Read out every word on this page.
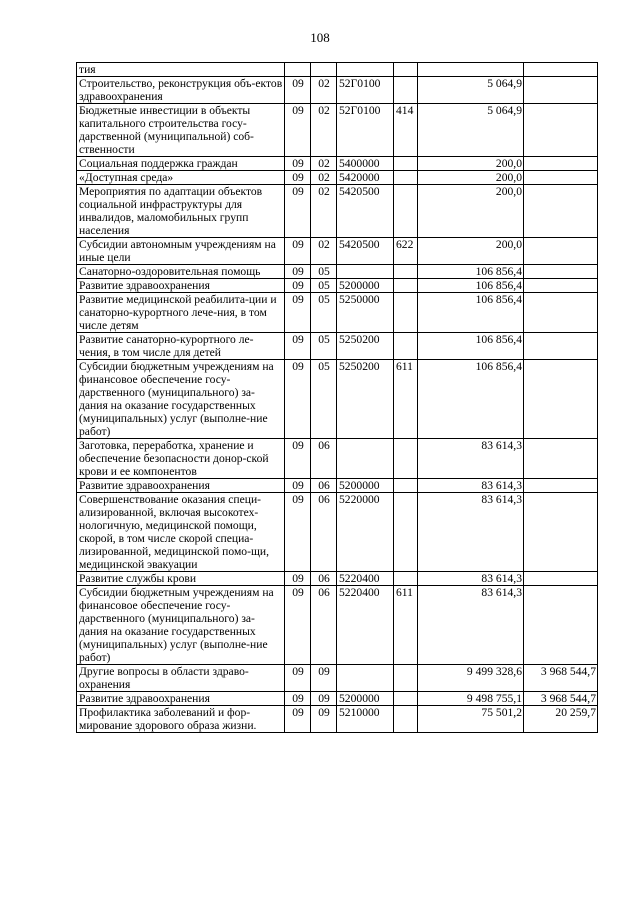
108
тия						
Строительство, реконструкция объ-ектов здравоохранения	09	02	52Г0100		5 064,9	
Бюджетные инвестиции в объекты капитального строительства госу-дарственной (муниципальной) соб-ственности	09	02	52Г0100	414	5 064,9	
Социальная поддержка граждан	09	02	5400000		200,0	
«Доступная среда»	09	02	5420000		200,0	
Мероприятия по адаптации объектов социальной инфраструктуры для инвалидов, маломобильных групп населения	09	02	5420500		200,0	
Субсидии автономным учреждениям на иные цели	09	02	5420500	622	200,0	
Санаторно-оздоровительная помощь	09	05			106 856,4	
Развитие здравоохранения	09	05	5200000		106 856,4	
Развитие медицинской реабилита-ции и санаторно-курортного лече-ния, в том числе детям	09	05	5250000		106 856,4	
Развитие санаторно-курортного ле-чения, в том числе для детей	09	05	5250200		106 856,4	
Субсидии бюджетным учреждениям на финансовое обеспечение госу-дарственного (муниципального) за-дания на оказание государственных (муниципальных) услуг (выполне-ние работ)	09	05	5250200	611	106 856,4	
Заготовка, переработка, хранение и обеспечение безопасности донор-ской крови и ее компонентов	09	06			83 614,3	
Развитие здравоохранения	09	06	5200000		83 614,3	
Совершенствование оказания специ-ализированной, включая высокотех-нологичную, медицинской помощи, скорой, в том числе скорой специа-лизированной, медицинской помо-щи, медицинской эвакуации	09	06	5220000		83 614,3	
Развитие службы крови	09	06	5220400		83 614,3	
Субсидии бюджетным учреждениям на финансовое обеспечение госу-дарственного (муниципального) за-дания на оказание государственных (муниципальных) услуг (выполне-ние работ)	09	06	5220400	611	83 614,3	
Другие вопросы в области здраво-охранения	09	09			9 499 328,6	3 968 544,7
Развитие здравоохранения	09	09	5200000		9 498 755,1	3 968 544,7
Профилактика заболеваний и фор-мирование здорового образа жизни.	09	09	5210000		75 501,2	20 259,7
